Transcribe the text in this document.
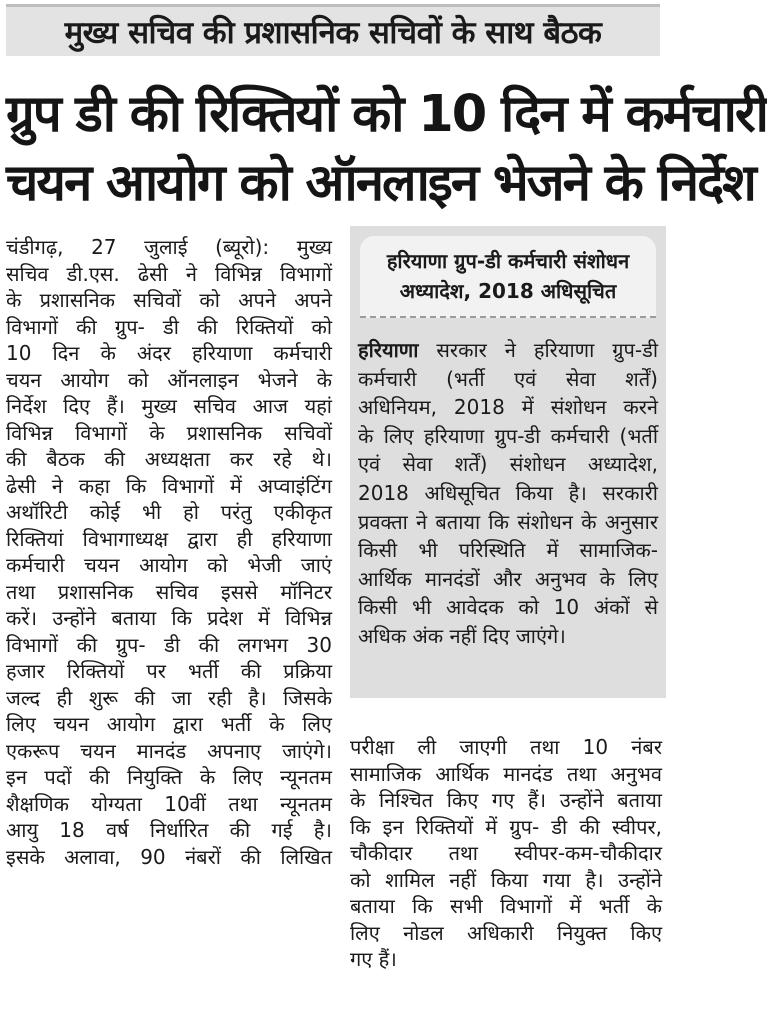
मुख्य सचिव की प्रशासनिक सचिवों के साथ बैठक
ग्रुप डी की रिक्तियों को 10 दिन में कर्मचारी
चयन आयोग को ऑनलाइन भेजने के निर्देश
चंडीगढ़, 27 जुलाई (ब्यूरो): मुख्य
सचिव डी.एस. ढेसी ने विभिन्न विभागों
के प्रशासनिक सचिवों को अपने अपने
विभागों की ग्रुप- डी की रिक्तियों को
10 दिन के अंदर हरियाणा कर्मचारी
चयन आयोग को ऑनलाइन भेजने के
निर्देश दिए हैं। मुख्य सचिव आज यहां
विभिन्न विभागों के प्रशासनिक सचिवों
की बैठक की अध्यक्षता कर रहे थे।
ढेसी ने कहा कि विभागों में अप्वाइंटिंग
अथॉरिटी कोई भी हो परंतु एकीकृत
रिक्तियां विभागाध्यक्ष द्वारा ही हरियाणा
कर्मचारी चयन आयोग को भेजी जाएं
तथा प्रशासनिक सचिव इससे मॉनिटर
करें। उन्होंने बताया कि प्रदेश में विभिन्न
विभागों की ग्रुप- डी की लगभग 30
हजार रिक्तियों पर भर्ती की प्रक्रिया
जल्द ही शुरू की जा रही है। जिसके
लिए चयन आयोग द्वारा भर्ती के लिए
एकरूप चयन मानदंड अपनाए जाएंगे।
इन पदों की नियुक्ति के लिए न्यूनतम
शैक्षणिक योग्यता 10वीं तथा न्यूनतम
आयु 18 वर्ष निर्धारित की गई है।
इसके अलावा, 90 नंबरों की लिखित
हरियाणा ग्रुप-डी कर्मचारी संशोधन
अध्यादेश, 2018 अधिसूचित
हरियाणा सरकार ने हरियाणा ग्रुप-डी
कर्मचारी (भर्ती एवं सेवा शर्तें)
अधिनियम, 2018 में संशोधन करने
के लिए हरियाणा ग्रुप-डी कर्मचारी (भर्ती
एवं सेवा शर्तें) संशोधन अध्यादेश,
2018 अधिसूचित किया है। सरकारी
प्रवक्ता ने बताया कि संशोधन के अनुसार
किसी भी परिस्थिति में सामाजिक-
आर्थिक मानदंडों और अनुभव के लिए
किसी भी आवेदक को 10 अंकों से
अधिक अंक नहीं दिए जाएंगे।
परीक्षा ली जाएगी तथा 10 नंबर
सामाजिक आर्थिक मानदंड तथा अनुभव
के निश्चित किए गए हैं। उन्होंने बताया
कि इन रिक्तियों में ग्रुप- डी की स्वीपर,
चौकीदार तथा स्वीपर-कम-चौकीदार
को शामिल नहीं किया गया है। उन्होंने
बताया कि सभी विभागों में भर्ती के
लिए नोडल अधिकारी नियुक्त किए
गए हैं।
